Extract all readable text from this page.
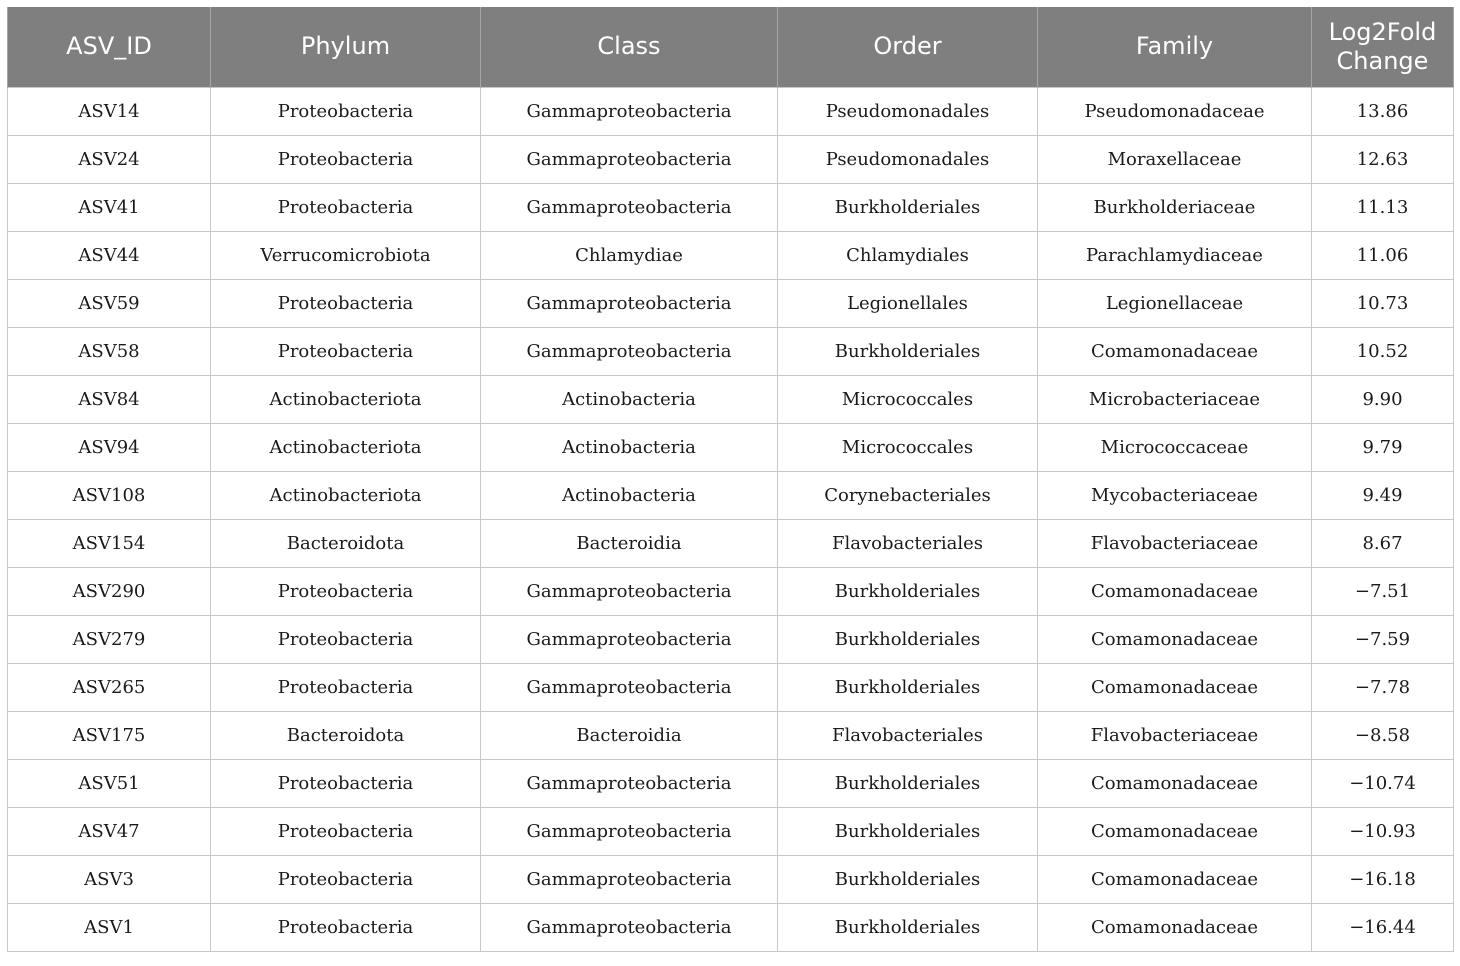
ASV_ID	Phylum	Class	Order	Family	Log2Fold
Change
ASV14	Proteobacteria	Gammaproteobacteria	Pseudomonadales	Pseudomonadaceae	13.86
ASV24	Proteobacteria	Gammaproteobacteria	Pseudomonadales	Moraxellaceae	12.63
ASV41	Proteobacteria	Gammaproteobacteria	Burkholderiales	Burkholderiaceae	11.13
ASV44	Verrucomicrobiota	Chlamydiae	Chlamydiales	Parachlamydiaceae	11.06
ASV59	Proteobacteria	Gammaproteobacteria	Legionellales	Legionellaceae	10.73
ASV58	Proteobacteria	Gammaproteobacteria	Burkholderiales	Comamonadaceae	10.52
ASV84	Actinobacteriota	Actinobacteria	Micrococcales	Microbacteriaceae	9.90
ASV94	Actinobacteriota	Actinobacteria	Micrococcales	Micrococcaceae	9.79
ASV108	Actinobacteriota	Actinobacteria	Corynebacteriales	Mycobacteriaceae	9.49
ASV154	Bacteroidota	Bacteroidia	Flavobacteriales	Flavobacteriaceae	8.67
ASV290	Proteobacteria	Gammaproteobacteria	Burkholderiales	Comamonadaceae	−7.51
ASV279	Proteobacteria	Gammaproteobacteria	Burkholderiales	Comamonadaceae	−7.59
ASV265	Proteobacteria	Gammaproteobacteria	Burkholderiales	Comamonadaceae	−7.78
ASV175	Bacteroidota	Bacteroidia	Flavobacteriales	Flavobacteriaceae	−8.58
ASV51	Proteobacteria	Gammaproteobacteria	Burkholderiales	Comamonadaceae	−10.74
ASV47	Proteobacteria	Gammaproteobacteria	Burkholderiales	Comamonadaceae	−10.93
ASV3	Proteobacteria	Gammaproteobacteria	Burkholderiales	Comamonadaceae	−16.18
ASV1	Proteobacteria	Gammaproteobacteria	Burkholderiales	Comamonadaceae	−16.44
